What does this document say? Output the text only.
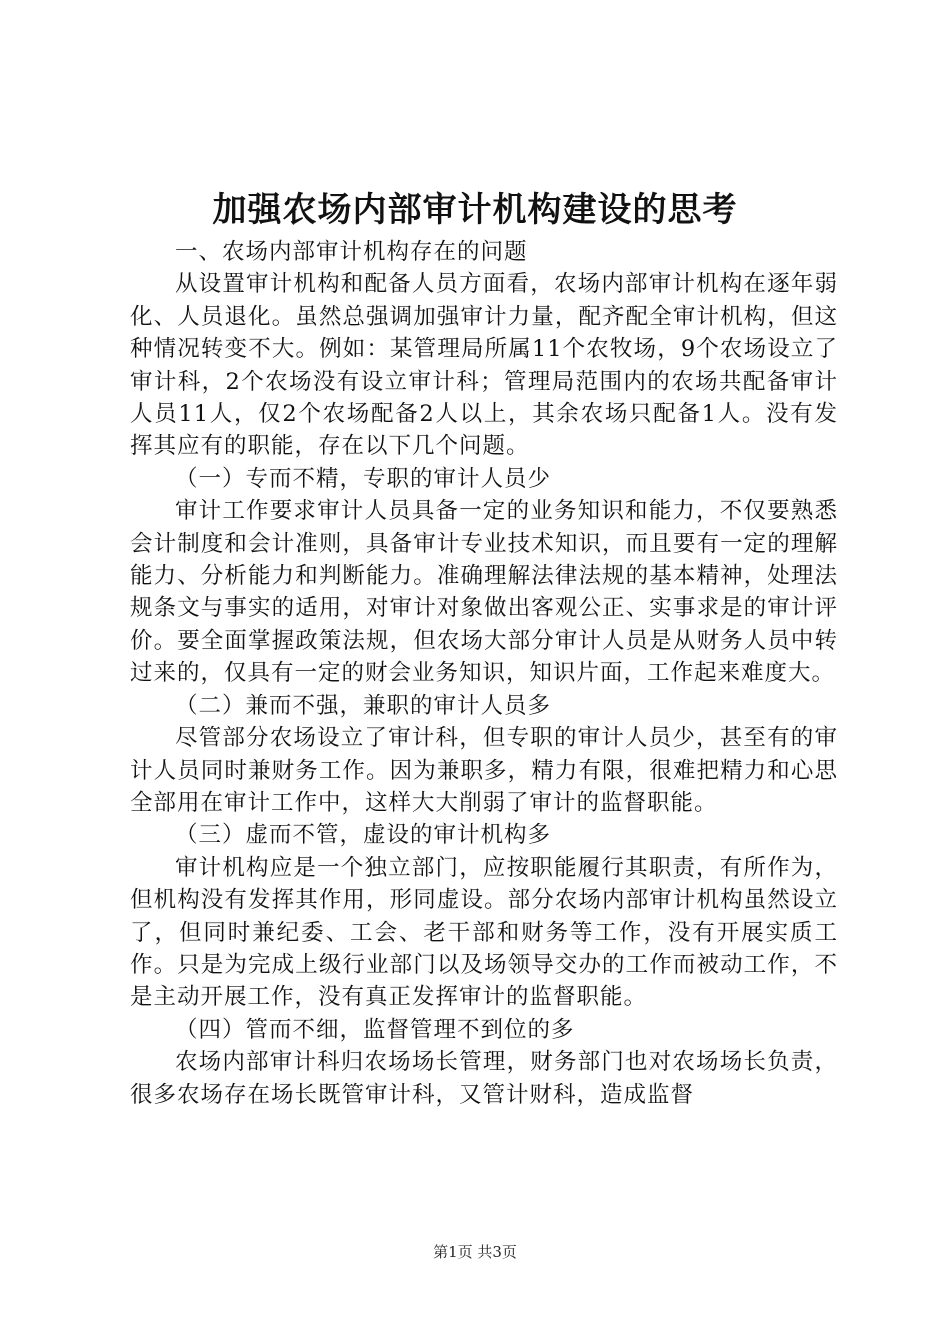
加强农场内部审计机构建设的思考

一、农场内部审计机构存在的问题

从设置审计机构和配备人员方面看，农场内部审计机构在逐年弱化、人员退化。虽然总强调加强审计力量，配齐配全审计机构，但这种情况转变不大。例如：某管理局所属11个农牧场，9个农场设立了审计科，2个农场没有设立审计科；管理局范围内的农场共配备审计人员11人，仅2个农场配备2人以上，其余农场只配备1人。没有发挥其应有的职能，存在以下几个问题。

（一）专而不精，专职的审计人员少

审计工作要求审计人员具备一定的业务知识和能力，不仅要熟悉会计制度和会计准则，具备审计专业技术知识，而且要有一定的理解能力、分析能力和判断能力。准确理解法律法规的基本精神，处理法规条文与事实的适用，对审计对象做出客观公正、实事求是的审计评价。要全面掌握政策法规，但农场大部分审计人员是从财务人员中转过来的，仅具有一定的财会业务知识，知识片面，工作起来难度大。

（二）兼而不强，兼职的审计人员多

尽管部分农场设立了审计科，但专职的审计人员少，甚至有的审计人员同时兼财务工作。因为兼职多，精力有限，很难把精力和心思全部用在审计工作中，这样大大削弱了审计的监督职能。

（三）虚而不管，虚设的审计机构多

审计机构应是一个独立部门，应按职能履行其职责，有所作为，但机构没有发挥其作用，形同虚设。部分农场内部审计机构虽然设立了，但同时兼纪委、工会、老干部和财务等工作，没有开展实质工作。只是为完成上级行业部门以及场领导交办的工作而被动工作，不是主动开展工作，没有真正发挥审计的监督职能。

（四）管而不细，监督管理不到位的多

农场内部审计科归农场场长管理，财务部门也对农场场长负责，很多农场存在场长既管审计科，又管计财科，造成监督

第1页 共3页
